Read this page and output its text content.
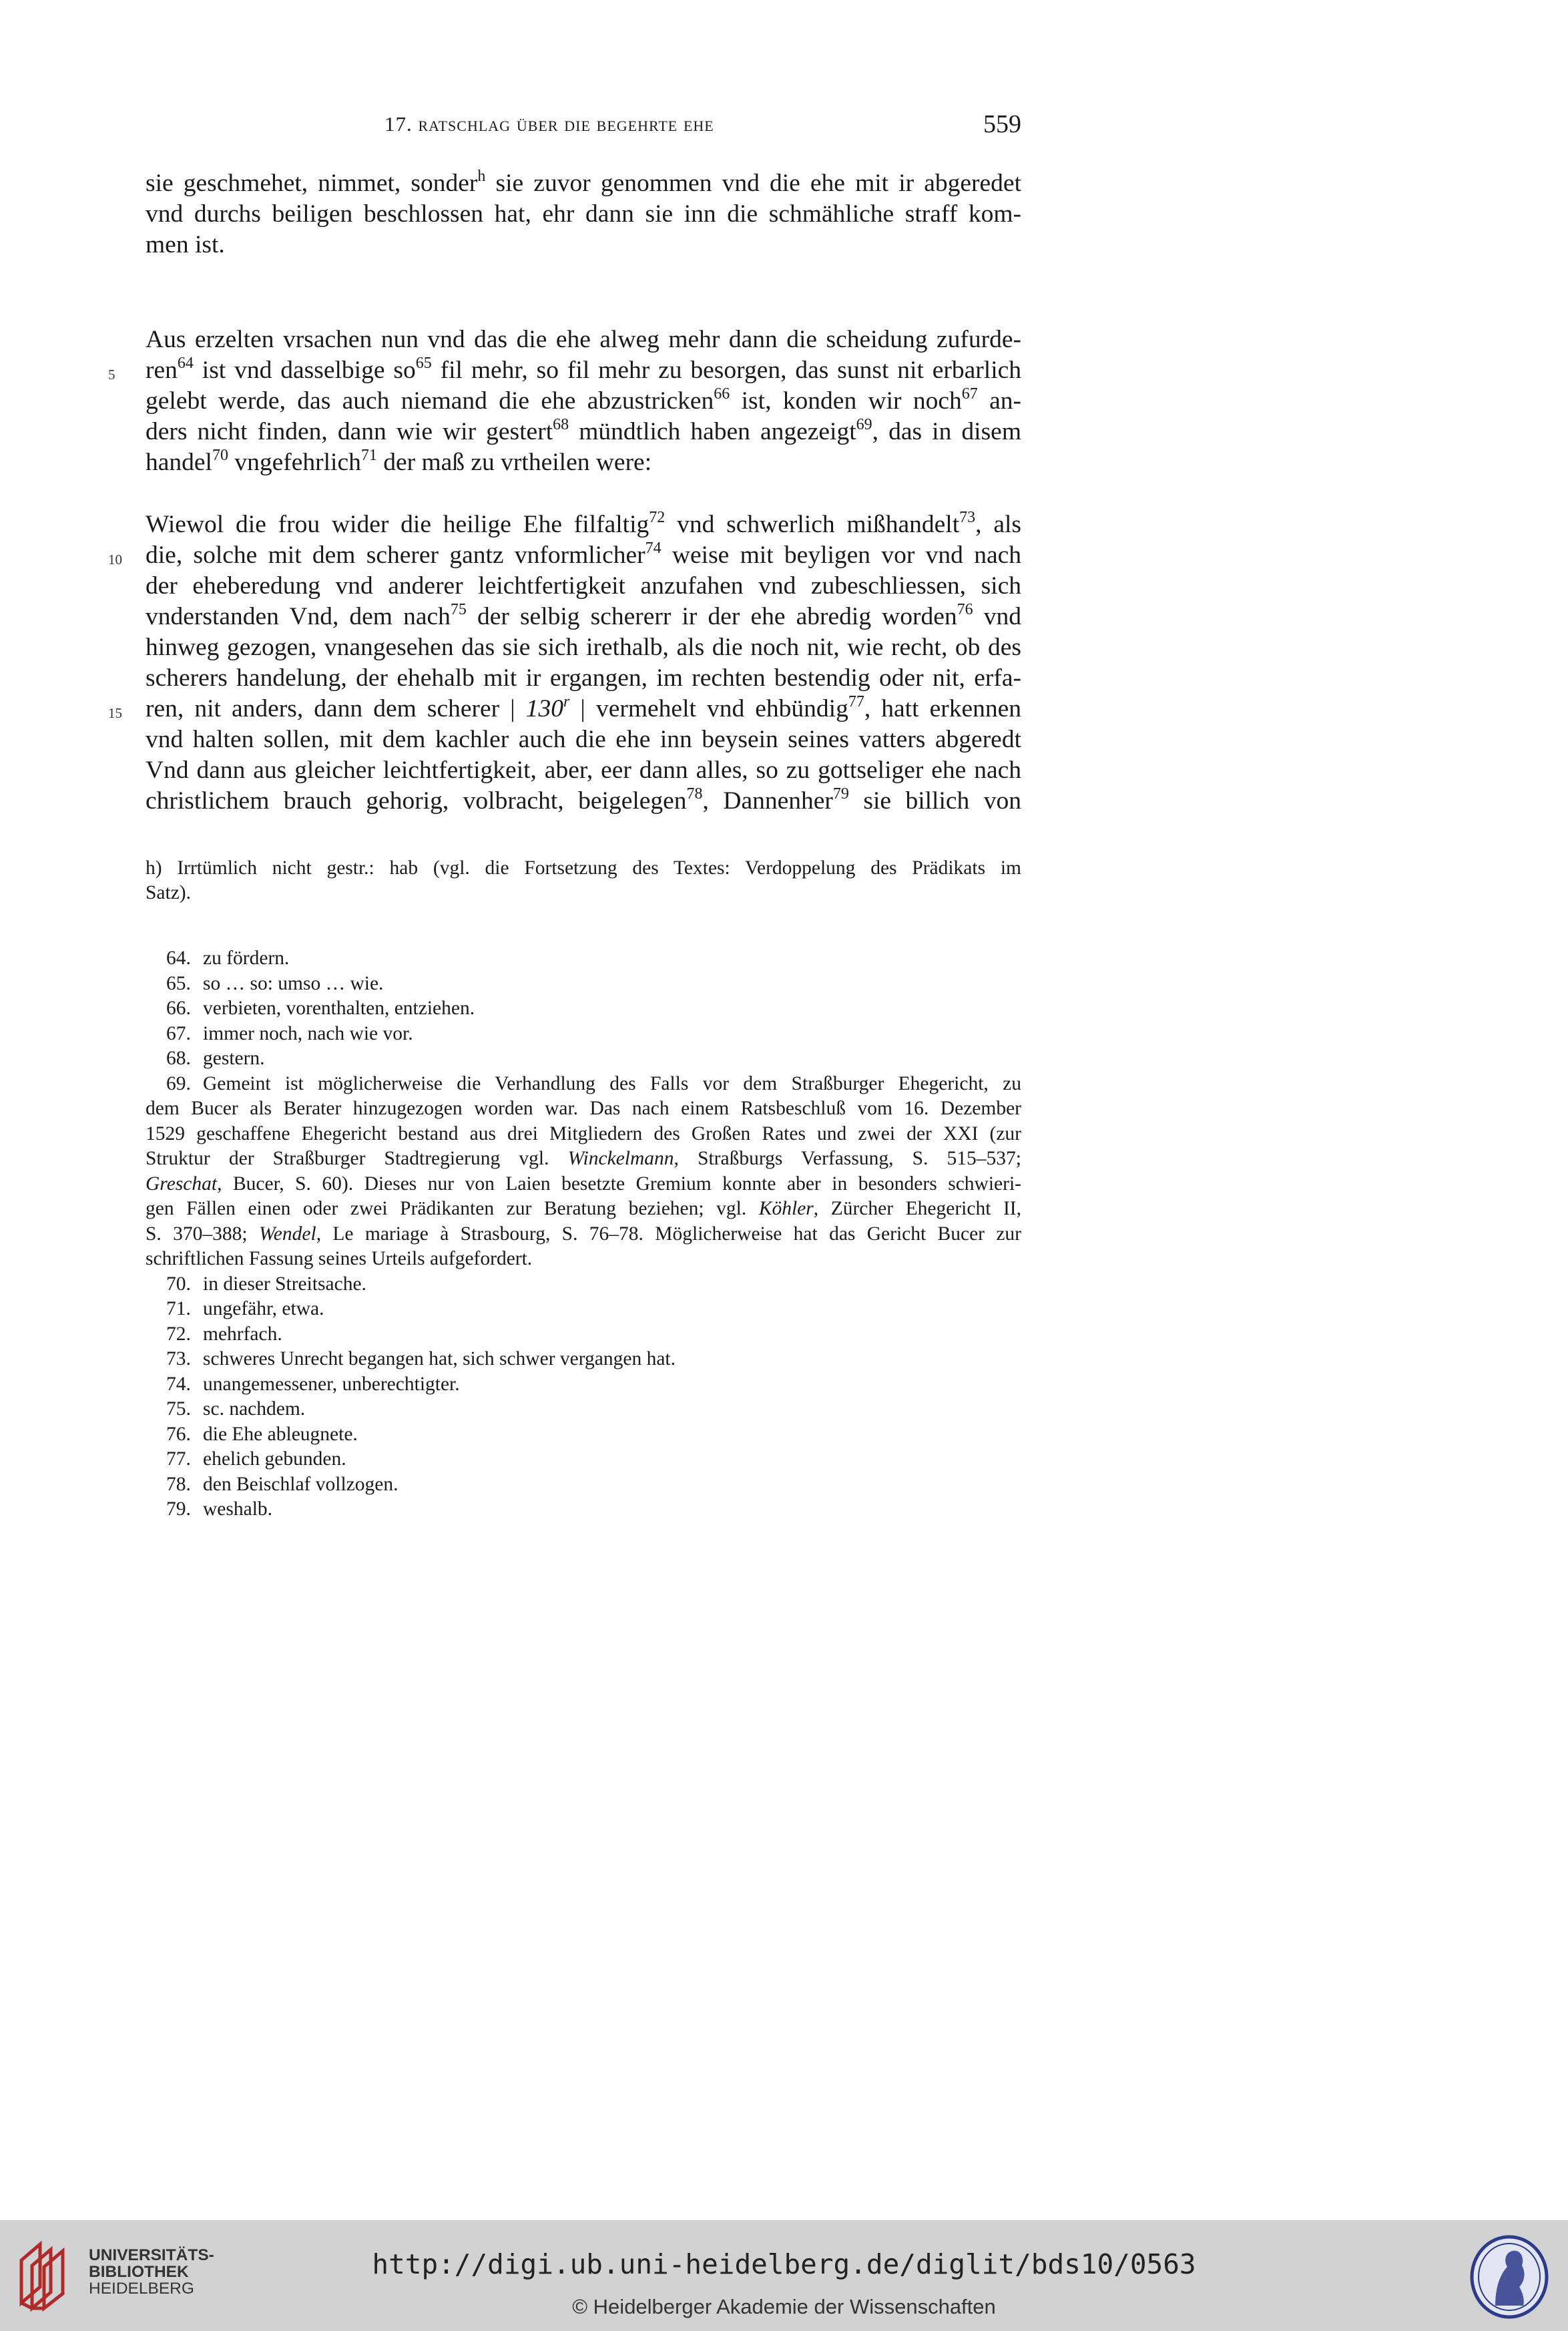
17. ratschlag über die begehrte ehe	559
sie geschmehet, nimmet, sonder$^h$ sie zuvor genommen vnd die ehe mit ir abgeredet
vnd durchs beiligen beschlossen hat, ehr dann sie inn die schmähliche straff kom-
men ist.
Aus erzelten vrsachen nun vnd das die ehe alweg mehr dann die scheidung zufurde-
5 ren$^{64}$ ist vnd dasselbige $so^{65}$ fil mehr, so fil mehr zu besorgen, das sunst nit erbarlich
gelebt werde, das auch niemand die ehe abzustricken$^{66}$ ist, konden wir noch$^{67}$ an-
ders nicht finden, dann wie wir gestert$^{68}$ mündtlich haben angezeigt$^{69}$, das in disem
handel$^{70}$ vngefehrlich$^{71}$ der maß zu vrtheilen were:
Wiewol die frou wider die heilige Ehe filfaltig$^{72}$ vnd schwerlich mißhandelt$^{73}$, als
10 die, solche mit dem scherer gantz vnformlicher$^{74}$ weise mit beyligen vor vnd nach
der eheberedung vnd anderer leichtfertigkeit anzufahen vnd zubeschliessen, sich
vnderstanden Vnd, dem nach$^{75}$ der selbig schererr ir der ehe abredig worden$^{76}$ vnd
hinweg gezogen, vnangesehen das sie sich irethalb, als die noch nit, wie recht, ob des
scherers handelung, der ehehalb mit ir ergangen, im rechten bestendig oder nit, erfa-
15 ren, nit anders, dann dem scherer | 130$^r$ | vermehelt vnd ehbündig$^{77}$, hatt erkennen
vnd halten sollen, mit dem kachler auch die ehe inn beysein seines vatters abgeredt
Vnd dann aus gleicher leichtfertigkeit, aber, eer dann alles, so zu gottseliger ehe nach
christlichem brauch gehorig, volbracht, beigelegen$^{78}$, Dannenher$^{79}$ sie billich von
h) Irrtümlich nicht gestr.: hab (vgl. die Fortsetzung des Textes: Verdoppelung des Prädikats im
Satz).
64. zu fördern.
65. so … so: umso … wie.
66. verbieten, vorenthalten, entziehen.
67. immer noch, nach wie vor.
68. gestern.
69. Gemeint ist möglicherweise die Verhandlung des Falls vor dem Straßburger Ehegericht, zu
dem Bucer als Berater hinzugezogen worden war. Das nach einem Ratsbeschluß vom 16. Dezember
1529 geschaffene Ehegericht bestand aus drei Mitgliedern des Großen Rates und zwei der XXI (zur
Struktur der Straßburger Stadtregierung vgl. Winckelmann, Straßburgs Verfassung, S. 515–537;
Greschat, Bucer, S. 60). Dieses nur von Laien besetzte Gremium konnte aber in besonders schwieri-
gen Fällen einen oder zwei Prädikanten zur Beratung beziehen; vgl. Köhler, Zürcher Ehegericht II,
S. 370–388; Wendel, Le mariage à Strasbourg, S. 76–78. Möglicherweise hat das Gericht Bucer zur
schriftlichen Fassung seines Urteils aufgefordert.
70. in dieser Streitsache.
71. ungefähr, etwa.
72. mehrfach.
73. schweres Unrecht begangen hat, sich schwer vergangen hat.
74. unangemessener, unberechtigter.
75. sc. nachdem.
76. die Ehe ableugnete.
77. ehelich gebunden.
78. den Beischlaf vollzogen.
79. weshalb.
UNIVERSITÄTS-
BIBLIOTHEK
HEIDELBERG
http://digi.ub.uni-heidelberg.de/diglit/bds10/0563
© Heidelberger Akademie der Wissenschaften
